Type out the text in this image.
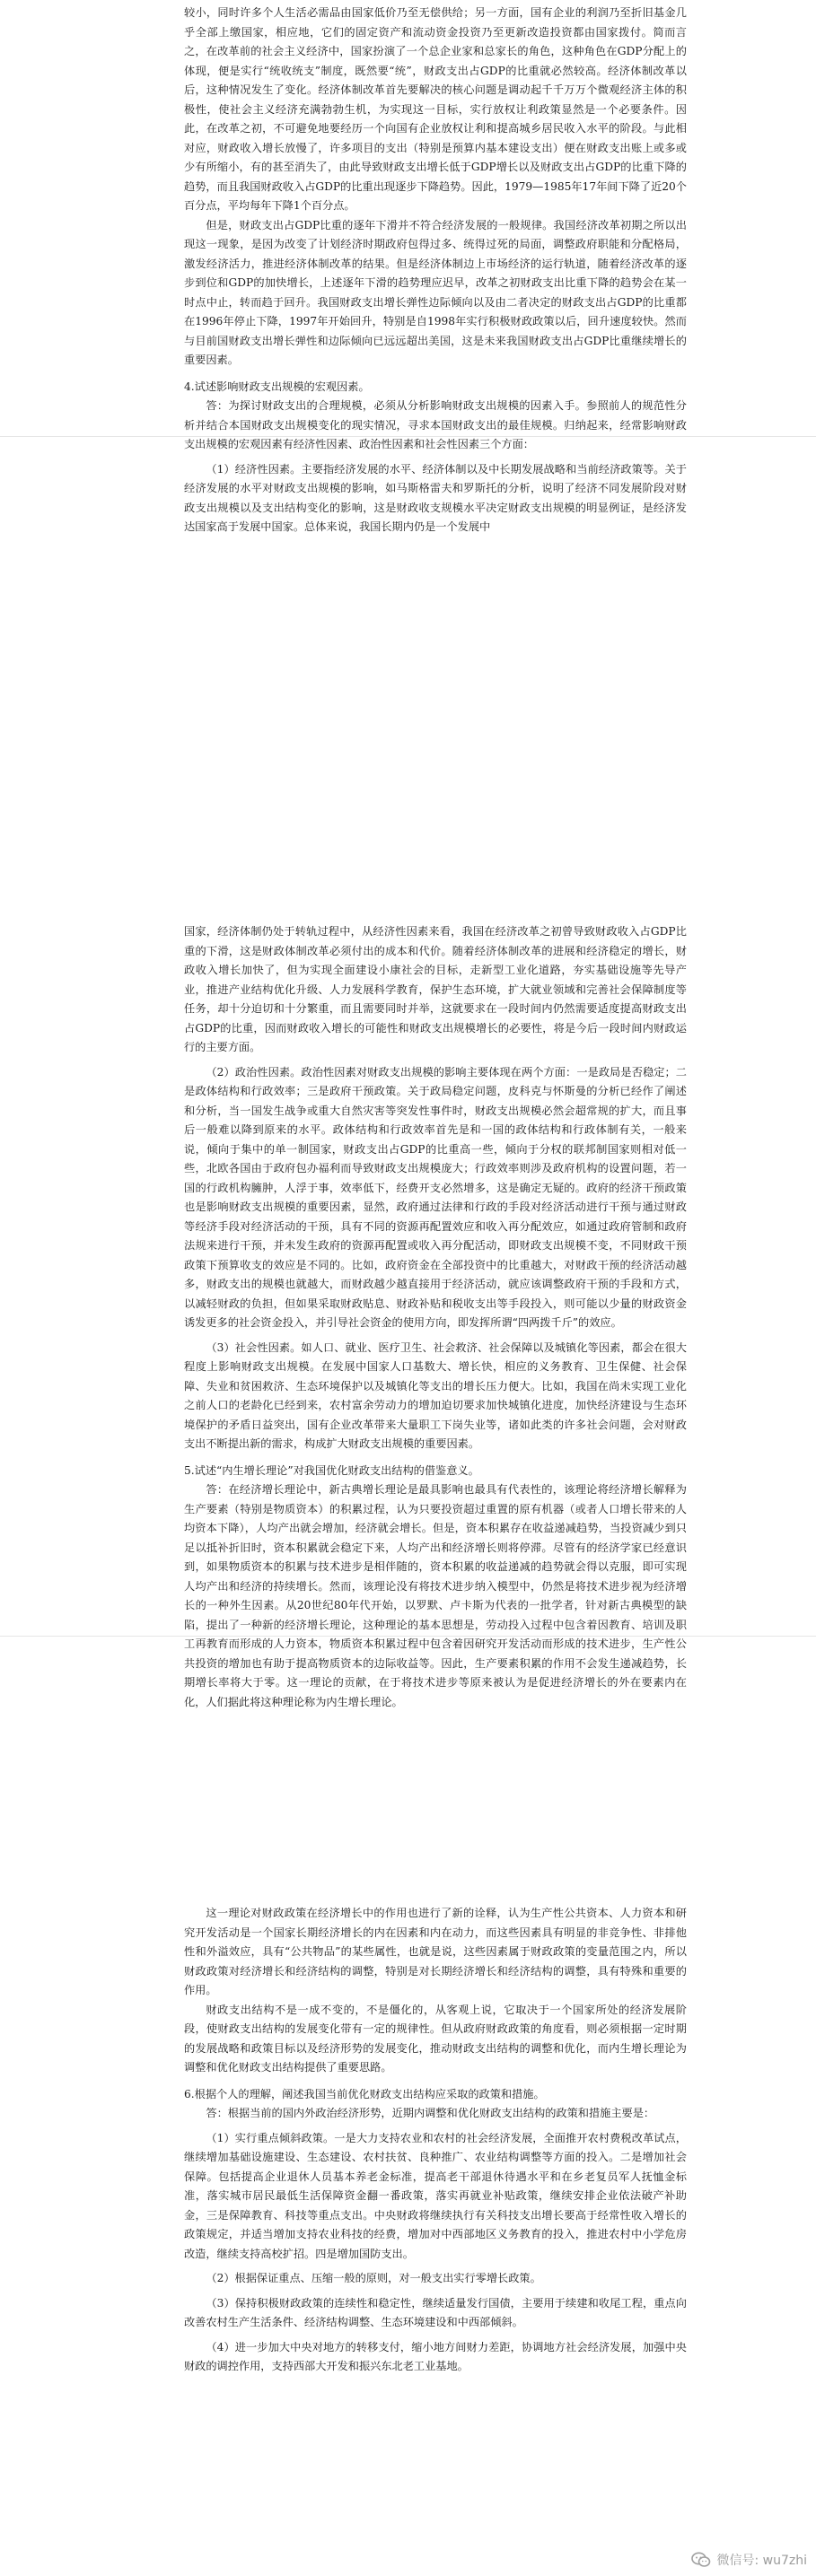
较小，同时许多个人生活必需品由国家低价乃至无偿供给；另一方面，国有企业的利润乃至折旧基金几乎全部上缴国家，相应地，它们的固定资产和流动资金投资乃至更新改造投资都由国家拨付。简而言之，在改革前的社会主义经济中，国家扮演了一个总企业家和总家长的角色，这种角色在GDP分配上的体现，便是实行“统收统支”制度，既然要“统”，财政支出占GDP的比重就必然较高。经济体制改革以后，这种情况发生了变化。经济体制改革首先要解决的核心问题是调动起千千万万个微观经济主体的积极性，使社会主义经济充满勃勃生机，为实现这一目标，实行放权让利政策显然是一个必要条件。因此，在改革之初，不可避免地要经历一个向国有企业放权让利和提高城乡居民收入水平的阶段。与此相对应，财政收入增长放慢了，许多项目的支出（特别是预算内基本建设支出）便在财政支出账上或多或少有所缩小，有的甚至消失了，由此导致财政支出增长低于GDP增长以及财政支出占GDP的比重下降的趋势，而且我国财政收入占GDP的比重出现逐步下降趋势。因此，1979—1985年17年间下降了近20个百分点，平均每年下降1个百分点。

但是，财政支出占GDP比重的逐年下滑并不符合经济发展的一般规律。我国经济改革初期之所以出现这一现象，是因为改变了计划经济时期政府包得过多、统得过死的局面，调整政府职能和分配格局，激发经济活力，推进经济体制改革的结果。但是经济体制边上市场经济的运行轨道，随着经济改革的逐步到位和GDP的加快增长，上述逐年下滑的趋势理应迟早，改革之初财政支出比重下降的趋势会在某一时点中止，转而趋于回升。我国财政支出增长弹性边际倾向以及由二者决定的财政支出占GDP的比重都在1996年停止下降，1997年开始回升，特别是自1998年实行积极财政政策以后，回升速度较快。然而与目前国财政支出增长弹性和边际倾向已远远超出美国，这是未来我国财政支出占GDP比重继续增长的重要因素。

4.试述影响财政支出规模的宏观因素。

答：为探讨财政支出的合理规模，必须从分析影响财政支出规模的因素入手。参照前人的规范性分析并结合本国财政支出规模变化的现实情况，寻求本国财政支出的最佳规模。归纳起来，经常影响财政支出规模的宏观因素有经济性因素、政治性因素和社会性因素三个方面：

（1）经济性因素。主要指经济发展的水平、经济体制以及中长期发展战略和当前经济政策等。关于经济发展的水平对财政支出规模的影响，如马斯格雷夫和罗斯托的分析，说明了经济不同发展阶段对财政支出规模以及支出结构变化的影响，这是财政收支规模水平决定财政支出规模的明显例证，是经济发达国家高于发展中国家。总体来说，我国长期内仍是一个发展中

国家，经济体制仍处于转轨过程中，从经济性因素来看，我国在经济改革之初曾导致财政收入占GDP比重的下滑，这是财政体制改革必须付出的成本和代价。随着经济体制改革的进展和经济稳定的增长，财政收入增长加快了，但为实现全面建设小康社会的目标，走新型工业化道路，夯实基础设施等先导产业，推进产业结构优化升级、人力发展科学教育，保护生态环境，扩大就业领域和完善社会保障制度等任务，却十分迫切和十分繁重，而且需要同时并举，这就要求在一段时间内仍然需要适度提高财政支出占GDP的比重，因而财政收入增长的可能性和财政支出规模增长的必要性，将是今后一段时间内财政运行的主要方面。

（2）政治性因素。政治性因素对财政支出规模的影响主要体现在两个方面：一是政局是否稳定；二是政体结构和行政效率；三是政府干预政策。关于政局稳定问题，皮科克与怀斯曼的分析已经作了阐述和分析，当一国发生战争或重大自然灾害等突发性事件时，财政支出规模必然会超常规的扩大，而且事后一般难以降到原来的水平。政体结构和行政效率首先是和一国的政体结构和行政体制有关，一般来说，倾向于集中的单一制国家，财政支出占GDP的比重高一些，倾向于分权的联邦制国家则相对低一些，北欧各国由于政府包办福利而导致财政支出规模庞大；行政效率则涉及政府机构的设置问题，若一国的行政机构臃肿，人浮于事，效率低下，经费开支必然增多，这是确定无疑的。政府的经济干预政策也是影响财政支出规模的重要因素，显然，政府通过法律和行政的手段对经济活动进行干预与通过财政等经济手段对经济活动的干预，具有不同的资源再配置效应和收入再分配效应，如通过政府管制和政府法规来进行干预，并未发生政府的资源再配置或收入再分配活动，即财政支出规模不变，不同财政干预政策下预算收支的效应是不同的。比如，政府资金在全部投资中的比重越大，对财政干预的经济活动越多，财政支出的规模也就越大，而财政越少越直接用于经济活动，就应该调整政府干预的手段和方式，以减轻财政的负担，但如果采取财政贴息、财政补贴和税收支出等手段投入，则可能以少量的财政资金诱发更多的社会资金投入，并引导社会资金的使用方向，即发挥所谓“四两拨千斤”的效应。

（3）社会性因素。如人口、就业、医疗卫生、社会救济、社会保障以及城镇化等因素，都会在很大程度上影响财政支出规模。在发展中国家人口基数大、增长快，相应的义务教育、卫生保健、社会保障、失业和贫困救济、生态环境保护以及城镇化等支出的增长压力便大。比如，我国在尚未实现工业化之前人口的老龄化已经到来，农村富余劳动力的增加迫切要求加快城镇化进度，加快经济建设与生态环境保护的矛盾日益突出，国有企业改革带来大量职工下岗失业等，诸如此类的许多社会问题，会对财政支出不断提出新的需求，构成扩大财政支出规模的重要因素。

5.试述“内生增长理论”对我国优化财政支出结构的借鉴意义。

答：在经济增长理论中，新古典增长理论是最具影响也最具有代表性的，该理论将经济增长解释为生产要素（特别是物质资本）的积累过程，认为只要投资超过重置的原有机器（或者人口增长带来的人均资本下降），人均产出就会增加，经济就会增长。但是，资本积累存在收益递减趋势，当投资减少到只足以抵补折旧时，资本积累就会稳定下来，人均产出和经济增长则将停滞。尽管有的经济学家已经意识到，如果物质资本的积累与技术进步是相伴随的，资本积累的收益递减的趋势就会得以克服，即可实现人均产出和经济的持续增长。然而，该理论没有将技术进步纳入模型中，仍然是将技术进步视为经济增长的一种外生因素。从20世纪80年代开始，以罗默、卢卡斯为代表的一批学者，针对新古典模型的缺陷，提出了一种新的经济增长理论，这种理论的基本思想是，劳动投入过程中包含着因教育、培训及职工再教育而形成的人力资本，物质资本积累过程中包含着因研究开发活动而形成的技术进步，生产性公共投资的增加也有助于提高物质资本的边际收益等。因此，生产要素积累的作用不会发生递减趋势，长期增长率将大于零。这一理论的贡献，在于将技术进步等原来被认为是促进经济增长的外在要素内在化，人们据此将这种理论称为内生增长理论。

这一理论对财政政策在经济增长中的作用也进行了新的诠释，认为生产性公共资本、人力资本和研究开发活动是一个国家长期经济增长的内在因素和内在动力，而这些因素具有明显的非竞争性、非排他性和外溢效应，具有“公共物品”的某些属性，也就是说，这些因素属于财政政策的变量范围之内，所以财政政策对经济增长和经济结构的调整，特别是对长期经济增长和经济结构的调整，具有特殊和重要的作用。

财政支出结构不是一成不变的，不是僵化的，从客观上说，它取决于一个国家所处的经济发展阶段，使财政支出结构的发展变化带有一定的规律性。但从政府财政政策的角度看，则必须根据一定时期的发展战略和政策目标以及经济形势的发展变化，推动财政支出结构的调整和优化，而内生增长理论为调整和优化财政支出结构提供了重要思路。

6.根据个人的理解，阐述我国当前优化财政支出结构应采取的政策和措施。

答：根据当前的国内外政治经济形势，近期内调整和优化财政支出结构的政策和措施主要是：

（1）实行重点倾斜政策。一是大力支持农业和农村的社会经济发展，全面推开农村费税改革试点，继续增加基础设施建设、生态建设、农村扶贫、良种推广、农业结构调整等方面的投入。二是增加社会保障。包括提高企业退休人员基本养老金标准，提高老干部退休待遇水平和在乡老复员军人抚恤金标准，落实城市居民最低生活保障资金翻一番政策，落实再就业补贴政策，继续安排企业依法破产补助金，三是保障教育、科技等重点支出。中央财政将继续执行有关科技支出增长要高于经常性收入增长的政策规定，并适当增加支持农业科技的经费，增加对中西部地区义务教育的投入，推进农村中小学危房改造，继续支持高校扩招。四是增加国防支出。

（2）根据保证重点、压缩一般的原则，对一般支出实行零增长政策。

（3）保持积极财政政策的连续性和稳定性，继续适量发行国债，主要用于续建和收尾工程，重点向改善农村生产生活条件、经济结构调整、生态环境建设和中西部倾斜。

（4）进一步加大中央对地方的转移支付，缩小地方间财力差距，协调地方社会经济发展，加强中央财政的调控作用，支持西部大开发和振兴东北老工业基地。

微信号: wu7zhi
